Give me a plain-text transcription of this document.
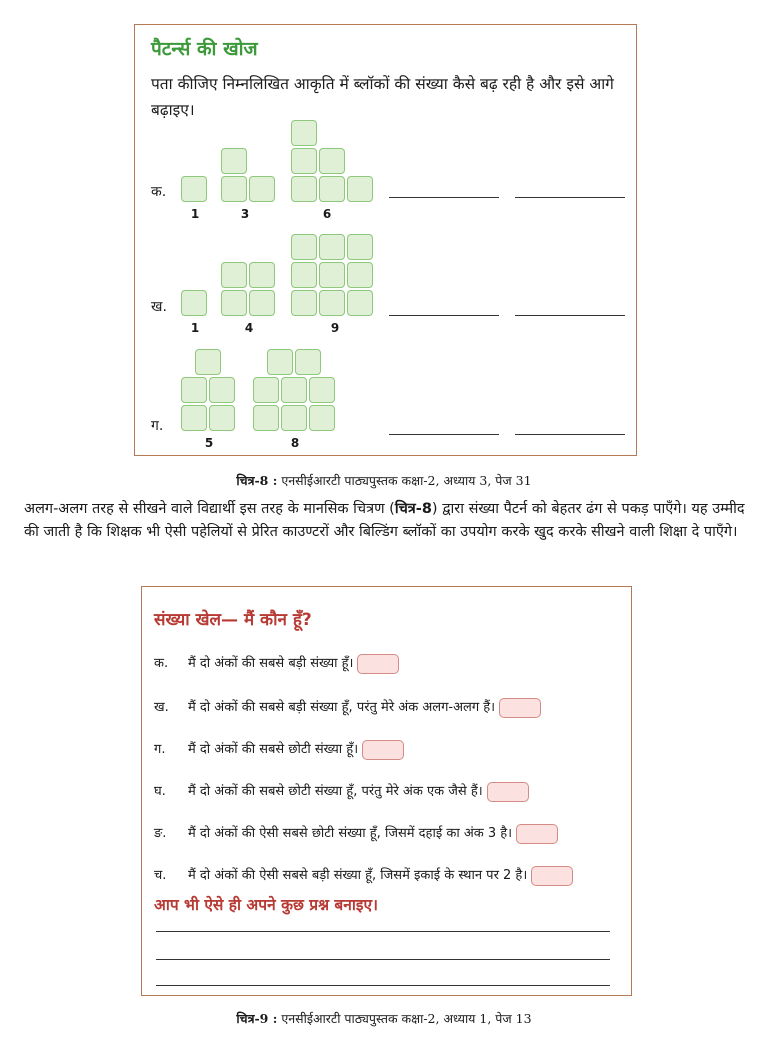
पैटर्न्स की खोज
पता कीजिए निम्नलिखित आकृति में ब्लॉकों की संख्या कैसे बढ़ रही है और इसे आगे बढ़ाइए।
क.
1	3	6
ख.
1	4	9
ग.
5	8
चित्र-8 : एनसीईआरटी पाठ्यपुस्तक कक्षा-2, अध्याय 3, पेज 31
अलग-अलग तरह से सीखने वाले विद्यार्थी इस तरह के मानसिक चित्रण (चित्र-8) द्वारा संख्या पैटर्न को बेहतर ढंग से पकड़ पाएँगे। यह उम्मीद की जाती है कि शिक्षक भी ऐसी पहेलियों से प्रेरित काउण्टरों और बिल्डिंग ब्लॉकों का उपयोग करके खुद करके सीखने वाली शिक्षा दे पाएँगे।
संख्या खेल— मैं कौन हूँ?
क. मैं दो अंकों की सबसे बड़ी संख्या हूँ।
ख. मैं दो अंकों की सबसे बड़ी संख्या हूँ, परंतु मेरे अंक अलग-अलग हैं।
ग. मैं दो अंकों की सबसे छोटी संख्या हूँ।
घ. मैं दो अंकों की सबसे छोटी संख्या हूँ, परंतु मेरे अंक एक जैसे हैं।
ङ. मैं दो अंकों की ऐसी सबसे छोटी संख्या हूँ, जिसमें दहाई का अंक 3 है।
च. मैं दो अंकों की ऐसी सबसे बड़ी संख्या हूँ, जिसमें इकाई के स्थान पर 2 है।
आप भी ऐसे ही अपने कुछ प्रश्न बनाइए।
चित्र-9 : एनसीईआरटी पाठ्यपुस्तक कक्षा-2, अध्याय 1, पेज 13
